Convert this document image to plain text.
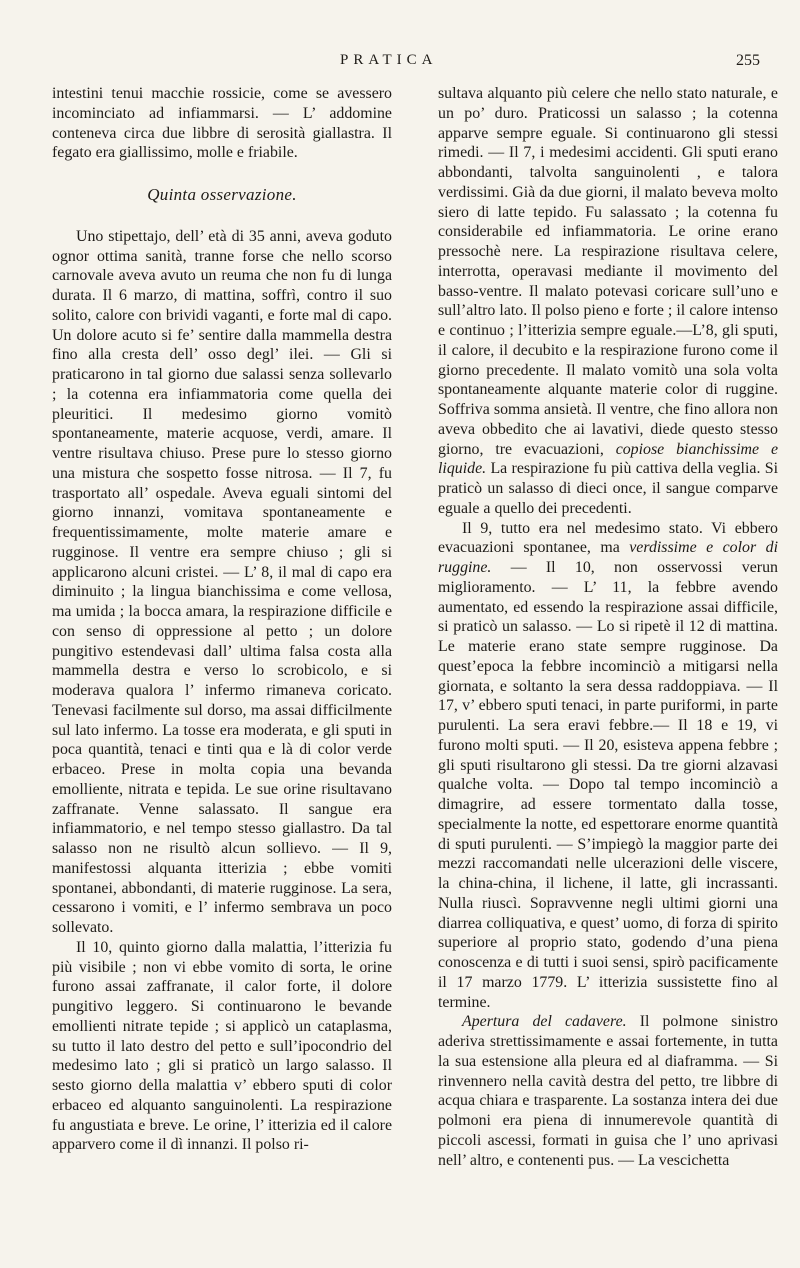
PRATICA	255

intestini tenui macchie rossicie, come se avessero incominciato ad infiammarsi. — L’ addomine conteneva circa due libbre di serosità giallastra. Il fegato era giallissimo, molle e friabile.

Quinta osservazione.

Uno stipettajo, dell’ età di 35 anni, aveva goduto ognor ottima sanità, tranne forse che nello scorso carnovale aveva avuto un reuma che non fu di lunga durata. Il 6 marzo, di mattina, soffrì, contro il suo solito, calore con brividi vaganti, e forte mal di capo. Un dolore acuto si fe’ sentire dalla mammella destra fino alla cresta dell’ osso degl’ ilei. — Gli si praticarono in tal giorno due salassi senza sollevarlo ; la cotenna era infiammatoria come quella dei pleuritici. Il medesimo giorno vomitò spontaneamente, materie acquose, verdi, amare. Il ventre risultava chiuso. Prese pure lo stesso giorno una mistura che sospetto fosse nitrosa. — Il 7, fu trasportato all’ ospedale. Aveva eguali sintomi del giorno innanzi, vomitava spontaneamente e frequentissimamente, molte materie amare e rugginose. Il ventre era sempre chiuso ; gli si applicarono alcuni cristei. — L’ 8, il mal di capo era diminuito ; la lingua bianchissima e come vellosa, ma umida ; la bocca amara, la respirazione difficile e con senso di oppressione al petto ; un dolore pungitivo estendevasi dall’ ultima falsa costa alla mammella destra e verso lo scrobicolo, e si moderava qualora l’ infermo rimaneva coricato. Tenevasi facilmente sul dorso, ma assai difficilmente sul lato infermo. La tosse era moderata, e gli sputi in poca quantità, tenaci e tinti qua e là di color verde erbaceo. Prese in molta copia una bevanda emolliente, nitrata e tepida. Le sue orine risultavano zaffranate. Venne salassato. Il sangue era infiammatorio, e nel tempo stesso giallastro. Da tal salasso non ne risultò alcun sollievo. — Il 9, manifestossi alquanta itterizia ; ebbe vomiti spontanei, abbondanti, di materie rugginose. La sera, cessarono i vomiti, e l’ infermo sembrava un poco sollevato.

Il 10, quinto giorno dalla malattia, l’itterizia fu più visibile ; non vi ebbe vomito di sorta, le orine furono assai zaffranate, il calor forte, il dolore pungitivo leggero. Si continuarono le bevande emollienti nitrate tepide ; si applicò un cataplasma, su tutto il lato destro del petto e sull’ipocondrio del medesimo lato ; gli si praticò un largo salasso. Il sesto giorno della malattia v’ ebbero sputi di color erbaceo ed alquanto sanguinolenti. La respirazione fu angustiata e breve. Le orine, l’ itterizia ed il calore apparvero come il dì innanzi. Il polso ri-

sultava alquanto più celere che nello stato naturale, e un po’ duro. Praticossi un salasso ; la cotenna apparve sempre eguale. Si continuarono gli stessi rimedi. — Il 7, i medesimi accidenti. Gli sputi erano abbondanti, talvolta sanguinolenti , e talora verdissimi. Già da due giorni, il malato beveva molto siero di latte tepido. Fu salassato ; la cotenna fu considerabile ed infiammatoria. Le orine erano pressochè nere. La respirazione risultava celere, interrotta, operavasi mediante il movimento del basso-ventre. Il malato potevasi coricare sull’uno e sull’altro lato. Il polso pieno e forte ; il calore intenso e continuo ; l’itterizia sempre eguale.—L’8, gli sputi, il calore, il decubito e la respirazione furono come il giorno precedente. Il malato vomitò una sola volta spontaneamente alquante materie color di ruggine. Soffriva somma ansietà. Il ventre, che fino allora non aveva obbedito che ai lavativi, diede questo stesso giorno, tre evacuazioni, copiose bianchissime e liquide. La respirazione fu più cattiva della veglia. Si praticò un salasso di dieci once, il sangue comparve eguale a quello dei precedenti.

Il 9, tutto era nel medesimo stato. Vi ebbero evacuazioni spontanee, ma verdissime e color di ruggine. — Il 10, non osservossi verun miglioramento. — L’ 11, la febbre avendo aumentato, ed essendo la respirazione assai difficile, si praticò un salasso. — Lo si ripetè il 12 di mattina. Le materie erano state sempre rugginose. Da quest’epoca la febbre incominciò a mitigarsi nella giornata, e soltanto la sera dessa raddoppiava. — Il 17, v’ ebbero sputi tenaci, in parte puriformi, in parte purulenti. La sera eravi febbre.— Il 18 e 19, vi furono molti sputi. — Il 20, esisteva appena febbre ; gli sputi risultarono gli stessi. Da tre giorni alzavasi qualche volta. — Dopo tal tempo incominciò a dimagrire, ad essere tormentato dalla tosse, specialmente la notte, ed espettorare enorme quantità di sputi purulenti. — S’impiegò la maggior parte dei mezzi raccomandati nelle ulcerazioni delle viscere, la china-china, il lichene, il latte, gli incrassanti. Nulla riuscì. Sopravvenne negli ultimi giorni una diarrea colliquativa, e quest’ uomo, di forza di spirito superiore al proprio stato, godendo d’una piena conoscenza e di tutti i suoi sensi, spirò pacificamente il 17 marzo 1779. L’ itterizia sussistette fino al termine.

Apertura del cadavere. Il polmone sinistro aderiva strettissimamente e assai fortemente, in tutta la sua estensione alla pleura ed al diaframma. — Si rinvennero nella cavità destra del petto, tre libbre di acqua chiara e trasparente. La sostanza intera dei due polmoni era piena di innumerevole quantità di piccoli ascessi, formati in guisa che l’ uno aprivasi nell’ altro, e contenenti pus. — La vescichetta
